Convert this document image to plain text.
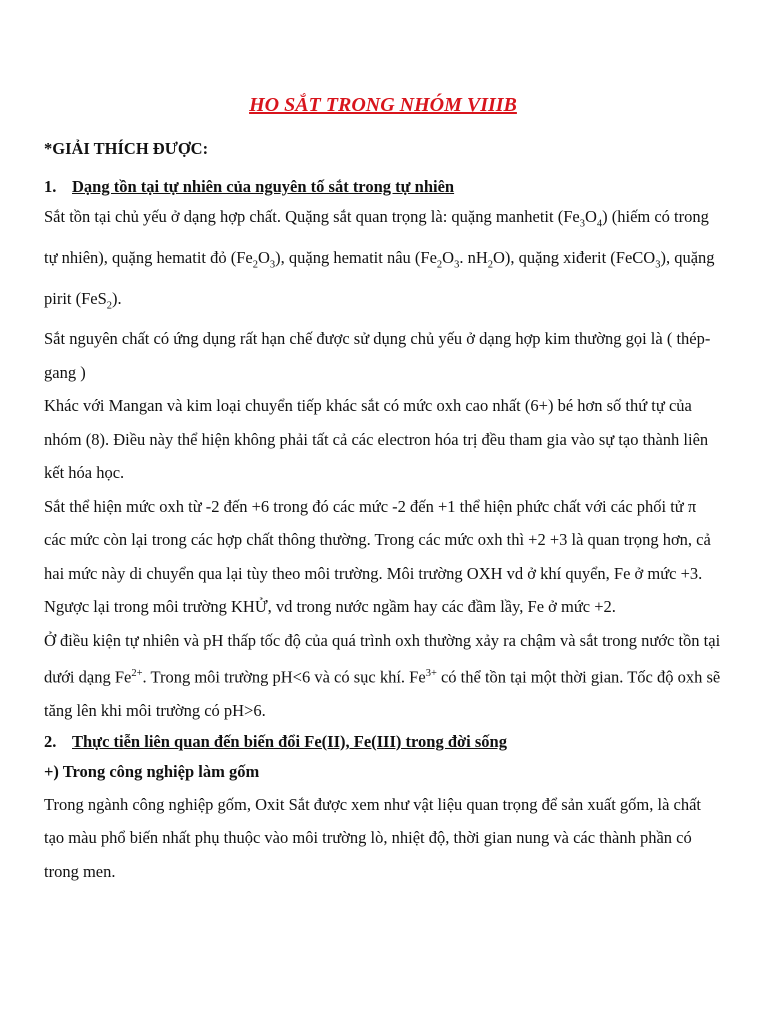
HO SẮT TRONG NHÓM VIIIB
*GIẢI THÍCH ĐƯỢC:
1. Dạng tồn tại tự nhiên của nguyên tố sắt trong tự nhiên

Sắt tồn tại chủ yếu ở dạng hợp chất. Quặng sắt quan trọng là: quặng manhetit $(Fe_3O_4)$ (hiếm có trong tự nhiên), quặng hematit đỏ $(Fe_2O_3)$, quặng hematit nâu ($Fe_2O_3$. $nH_2O$), quặng xiđerit (FeCO$_3$), quặng pirit (FeS$_2$).

Sắt nguyên chất có ứng dụng rất hạn chế được sử dụng chủ yếu ở dạng hợp kim thường gọi là ( thép- gang )

Khác với Mangan và kim loại chuyển tiếp khác sắt có mức oxh cao nhất (6+) bé hơn số thứ tự của nhóm (8). Điều này thể hiện không phải tất cả các electron hóa trị đều tham gia vào sự tạo thành liên kết hóa học.

Sắt thể hiện mức oxh từ -2 đến +6 trong đó các mức -2 đến +1 thể hiện phức chất với các phối tử π các mức còn lại trong các hợp chất thông thường. Trong các mức oxh thì +2 +3 là quan trọng hơn, cả hai mức này di chuyển qua lại tùy theo môi trường. Môi trường OXH vd ở khí quyển, Fe ở mức +3. Ngược lại trong môi trường KHỬ, vd trong nước ngầm hay các đầm lầy, Fe ở mức +2.

Ở điều kiện tự nhiên và pH thấp tốc độ của quá trình oxh thường xảy ra chậm và sắt trong nước tồn tại dưới dạng $Fe^{2+}$. Trong môi trường pH<6 và có sục khí. $Fe^{3+}$ có thể tồn tại một thời gian. Tốc độ oxh sẽ tăng lên khi môi trường có pH>6.

2. Thực tiễn liên quan đến biến đổi Fe(II), Fe(III) trong đời sống
+) Trong công nghiệp làm gốm

Trong ngành công nghiệp gốm, Oxit Sắt được xem như vật liệu quan trọng để sản xuất gốm, là chất tạo màu phổ biến nhất phụ thuộc vào môi trường lò, nhiệt độ, thời gian nung và các thành phần có trong men.
